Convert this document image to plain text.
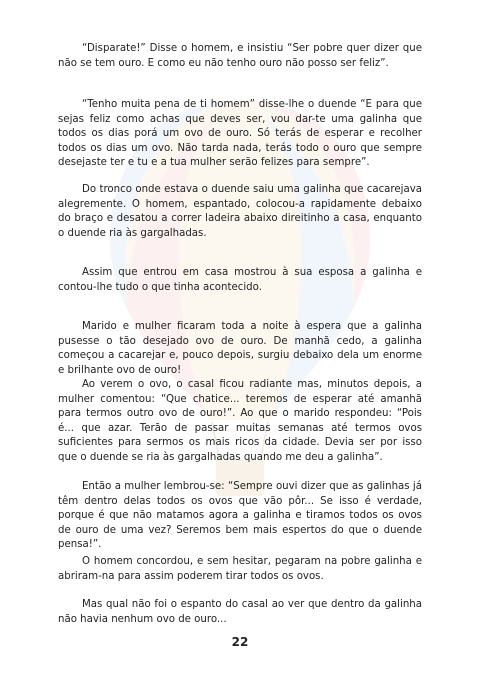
“Disparate!” Disse o homem, e insistiu “Ser pobre quer dizer que não se tem ouro. E como eu não tenho ouro não posso ser feliz”.

“Tenho muita pena de ti homem” disse-lhe o duende “E para que sejas feliz como achas que deves ser, vou dar-te uma galinha que todos os dias porá um ovo de ouro. Só terás de esperar e recolher todos os dias um ovo. Não tarda nada, terás todo o ouro que sempre desejaste ter e tu e a tua mulher serão felizes para sempre”.

Do tronco onde estava o duende saiu uma galinha que cacarejava alegremente. O homem, espantado, colocou-a rapidamente debaixo do braço e desatou a correr ladeira abaixo direitinho a casa, enquanto o duende ria às gargalhadas.

Assim que entrou em casa mostrou à sua esposa a galinha e contou-lhe tudo o que tinha acontecido.

Marido e mulher ficaram toda a noite à espera que a galinha pusesse o tão desejado ovo de ouro. De manhã cedo, a galinha começou a cacarejar e, pouco depois, surgiu debaixo dela um enorme e brilhante ovo de ouro!

Ao verem o ovo, o casal ficou radiante mas, minutos depois, a mulher comentou: “Que chatice... teremos de esperar até amanhã para termos outro ovo de ouro!”. Ao que o marido respondeu: “Pois é... que azar. Terão de passar muitas semanas até termos ovos suficientes para sermos os mais ricos da cidade. Devia ser por isso que o duende se ria às gargalhadas quando me deu a galinha”.

Então a mulher lembrou-se: “Sempre ouvi dizer que as galinhas já têm dentro delas todos os ovos que vão pôr... Se isso é verdade, porque é que não matamos agora a galinha e tiramos todos os ovos de ouro de uma vez? Seremos bem mais espertos do que o duende pensa!”.

O homem concordou, e sem hesitar, pegaram na pobre galinha e abriram-na para assim poderem tirar todos os ovos.

Mas qual não foi o espanto do casal ao ver que dentro da galinha não havia nenhum ovo de ouro...

22
